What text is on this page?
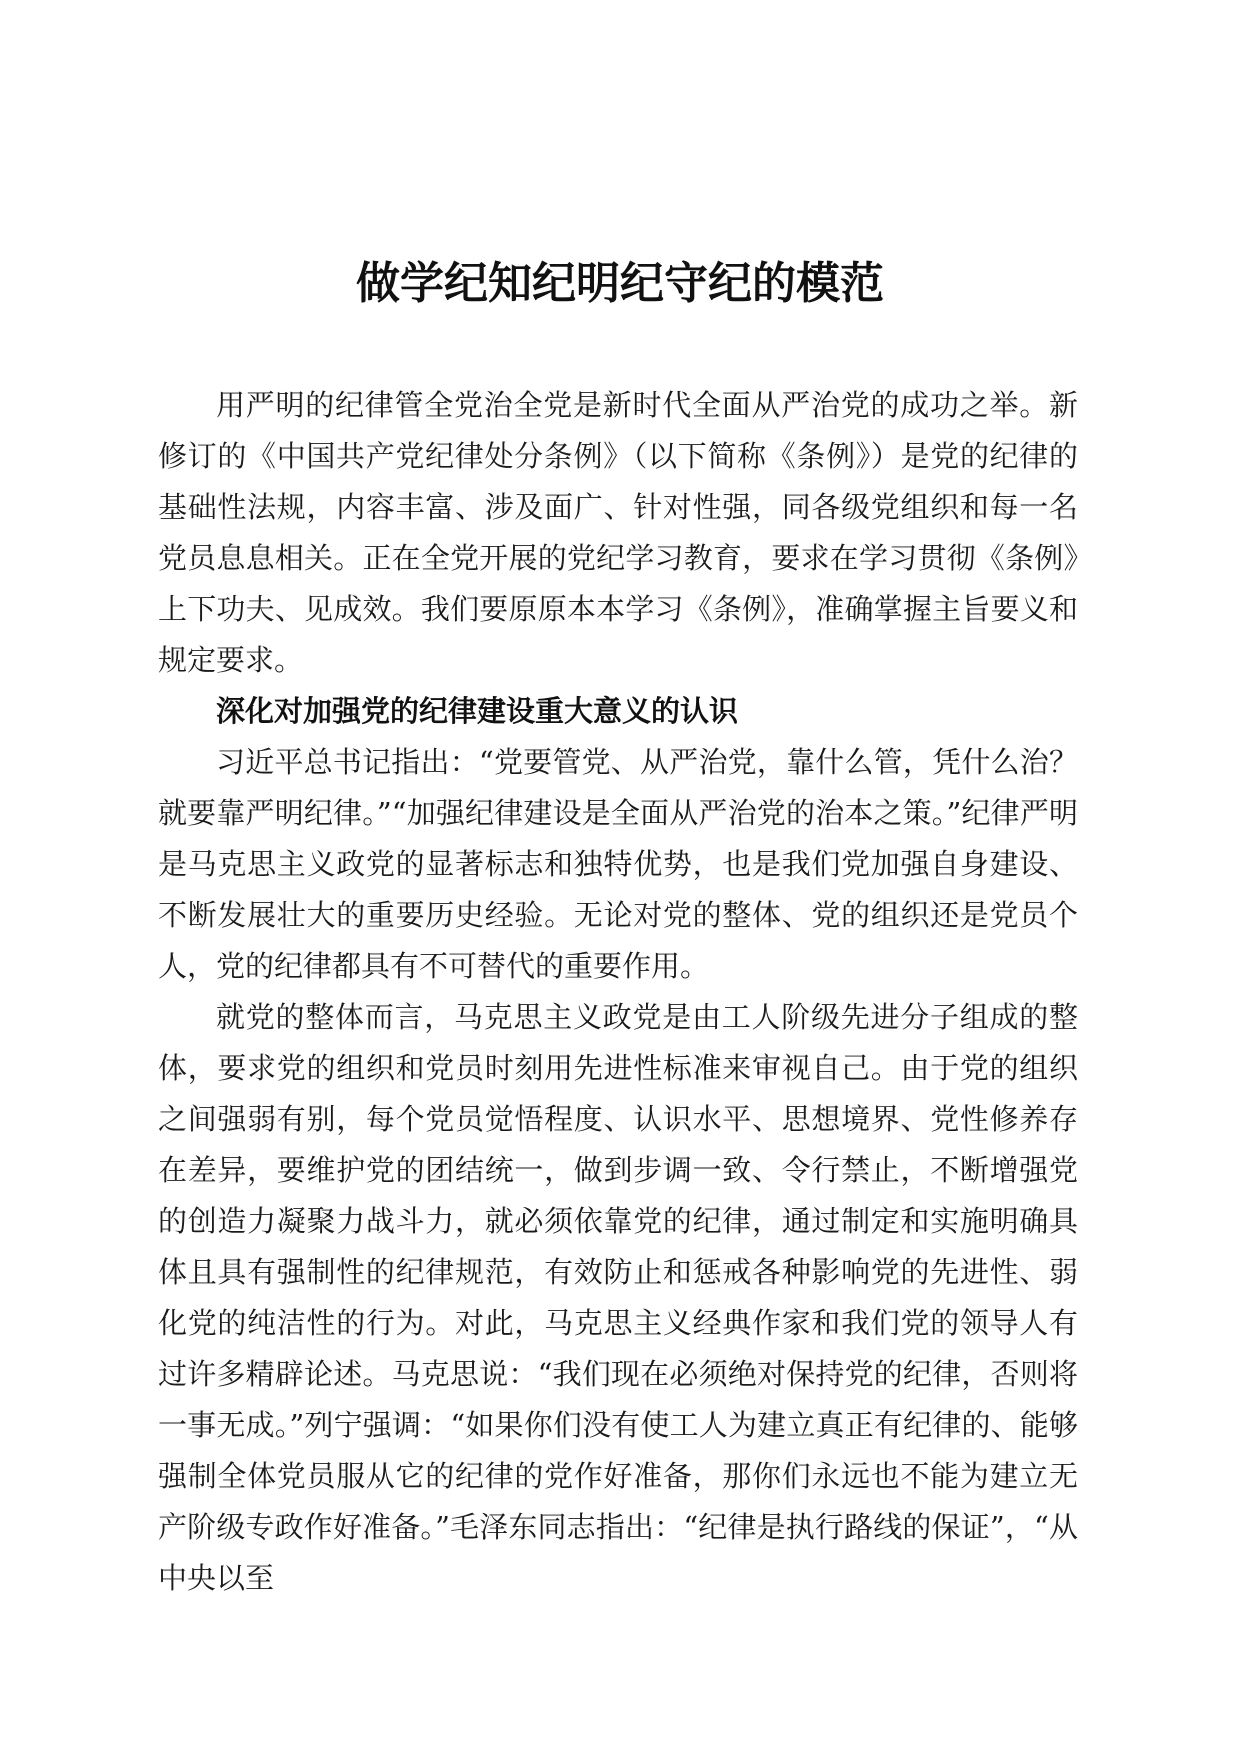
做学纪知纪明纪守纪的模范

用严明的纪律管全党治全党是新时代全面从严治党的成功之举。新修订的《中国共产党纪律处分条例》（以下简称《条例》）是党的纪律的基础性法规，内容丰富、涉及面广、针对性强，同各级党组织和每一名党员息息相关。正在全党开展的党纪学习教育，要求在学习贯彻《条例》上下功夫、见成效。我们要原原本本学习《条例》，准确掌握主旨要义和规定要求。

深化对加强党的纪律建设重大意义的认识

习近平总书记指出：“党要管党、从严治党，靠什么管，凭什么治？就要靠严明纪律。”“加强纪律建设是全面从严治党的治本之策。”纪律严明是马克思主义政党的显著标志和独特优势，也是我们党加强自身建设、不断发展壮大的重要历史经验。无论对党的整体、党的组织还是党员个人，党的纪律都具有不可替代的重要作用。

就党的整体而言，马克思主义政党是由工人阶级先进分子组成的整体，要求党的组织和党员时刻用先进性标准来审视自己。由于党的组织之间强弱有别，每个党员觉悟程度、认识水平、思想境界、党性修养存在差异，要维护党的团结统一，做到步调一致、令行禁止，不断增强党的创造力凝聚力战斗力，就必须依靠党的纪律，通过制定和实施明确具体且具有强制性的纪律规范，有效防止和惩戒各种影响党的先进性、弱化党的纯洁性的行为。对此，马克思主义经典作家和我们党的领导人有过许多精辟论述。马克思说：“我们现在必须绝对保持党的纪律，否则将一事无成。”列宁强调：“如果你们没有使工人为建立真正有纪律的、能够强制全体党员服从它的纪律的党作好准备，那你们永远也不能为建立无产阶级专政作好准备。”毛泽东同志指出：“纪律是执行路线的保证”，“从中央以至
